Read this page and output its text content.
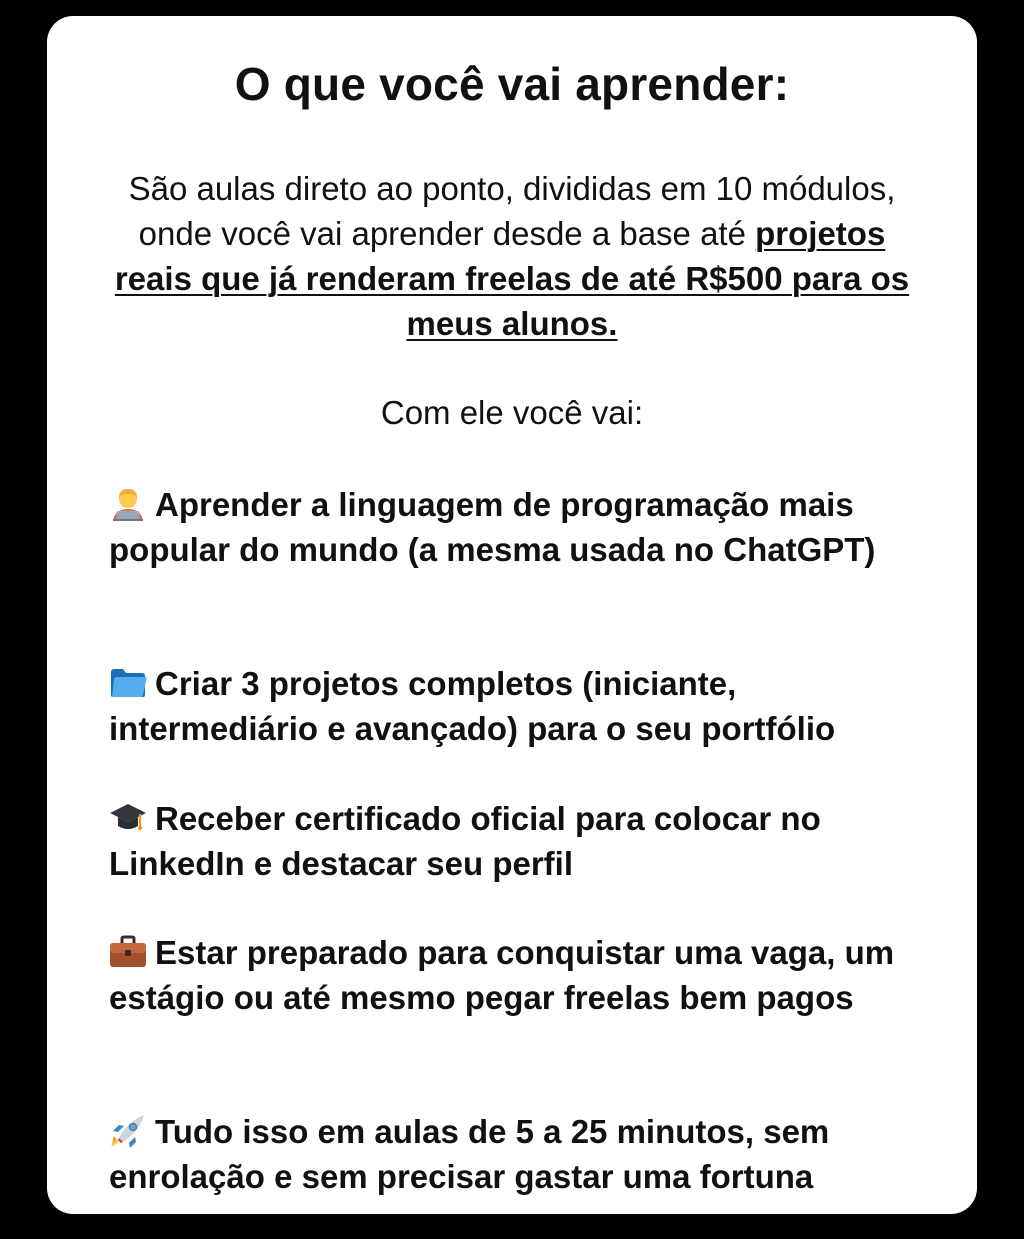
O que você vai aprender:
São aulas direto ao ponto, divididas em 10 módulos, onde você vai aprender desde a base até projetos reais que já renderam freelas de até R$500 para os meus alunos.
Com ele você vai:
Aprender a linguagem de programação mais popular do mundo (a mesma usada no ChatGPT)
Criar 3 projetos completos (iniciante, intermediário e avançado) para o seu portfólio
Receber certificado oficial para colocar no LinkedIn e destacar seu perfil
Estar preparado para conquistar uma vaga, um estágio ou até mesmo pegar freelas bem pagos
Tudo isso em aulas de 5 a 25 minutos, sem enrolação e sem precisar gastar uma fortuna
